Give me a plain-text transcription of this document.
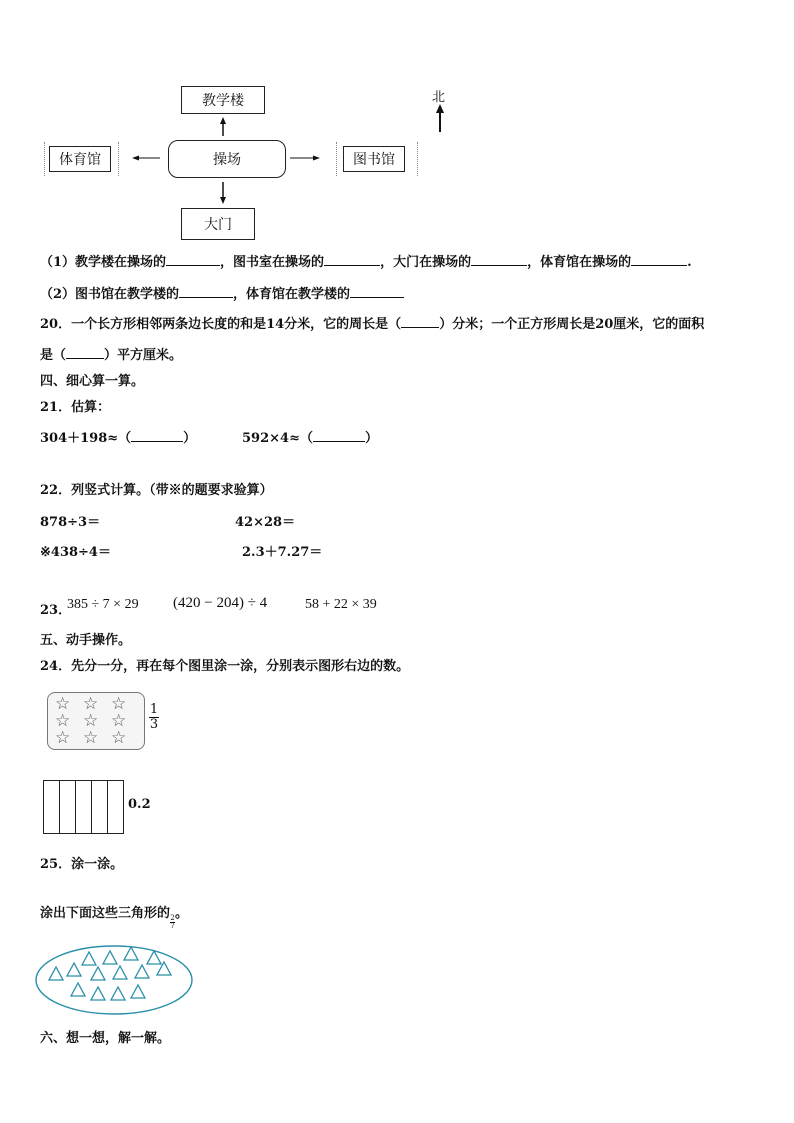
教学楼	北
操场
体育馆	图书馆
大门
（1）教学楼在操场的	，图书室在操场的	，大门在操场的	，体育馆在操场的	.
（2）图书馆在教学楼的	，体育馆在教学楼的
20．一个长方形相邻两条边长度的和是14分米，它的周长是（	）分米；一个正方形周长是20厘米，它的面积
是（	）平方厘米。
四、细心算一算。
21．估算：
304＋198≈（	）	592×4≈（	）
22．列竖式计算。（带※的题要求验算）
878÷3＝	42×28＝
※438÷4＝	2.3＋7.27＝
23．
385 ÷ 7 × 29 (420 − 204) ÷ 4	58 + 22 × 39
五、动手操作。
24．先分一分，再在每个图里涂一涂，分别表示图形右边的数。
☆ ☆ ☆
☆ ☆ ☆
☆ ☆ ☆
1
3
0.2
25．涂一涂。
涂出下面这些三角形的
$\frac{2}{7}$
。
六、想一想，解一解。
